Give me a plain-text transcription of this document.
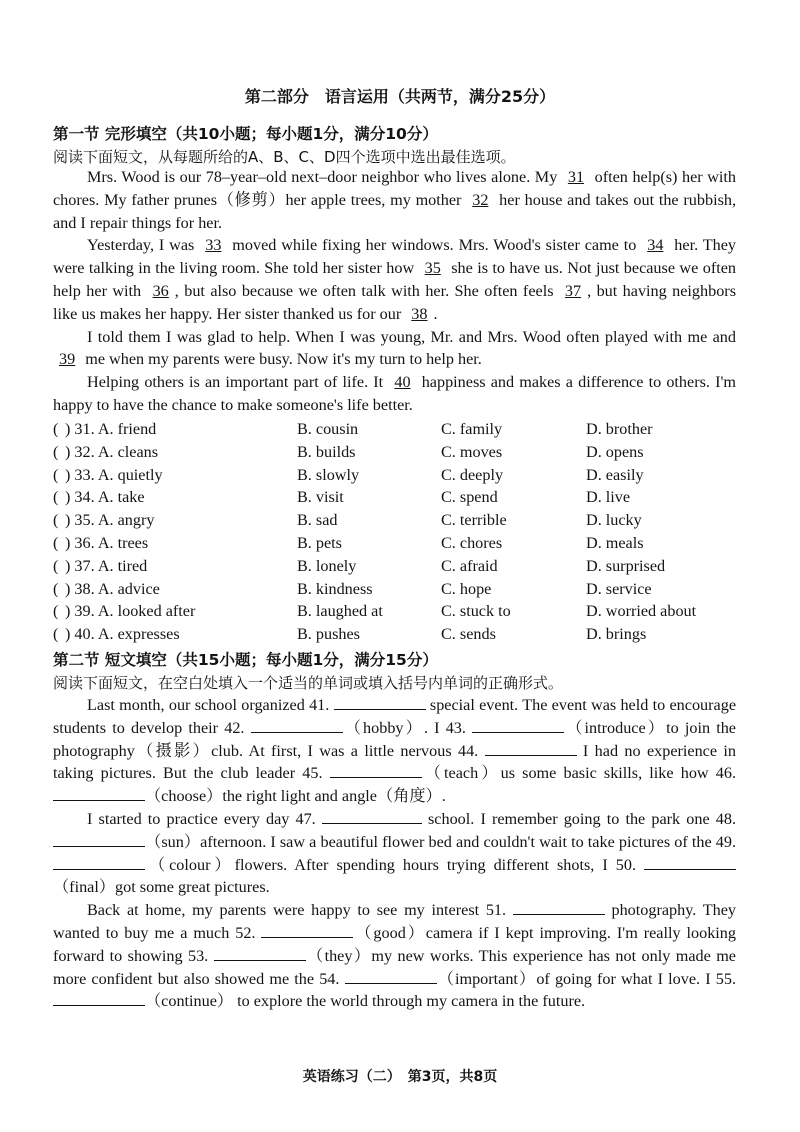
第二部分　语言运用（共两节，满分25分）
第一节 完形填空（共10小题；每小题1分，满分10分）
阅读下面短文，从每题所给的A、B、C、D四个选项中选出最佳选项。

Mrs. Wood is our 78–year–old next–door neighbor who lives alone. My 31 often help(s) her with chores. My father prunes（修剪）her apple trees, my mother 32 her house and takes out the rubbish, and I repair things for her.

Yesterday, I was 33 moved while fixing her windows. Mrs. Wood's sister came to 34 her. They were talking in the living room. She told her sister how 35 she is to have us. Not just because we often help her with 36 , but also because we often talk with her. She often feels 37 , but having neighbors like us makes her happy. Her sister thanked us for our 38 .

I told them I was glad to help. When I was young, Mr. and Mrs. Wood often played with me and 39 me when my parents were busy. Now it's my turn to help her.

Helping others is an important part of life. It 40 happiness and makes a difference to others. I'm happy to have the chance to make someone's life better.

( ) 31. A. friend	B. cousin	C. family	D. brother
( ) 32. A. cleans	B. builds	C. moves	D. opens
( ) 33. A. quietly	B. slowly	C. deeply	D. easily
( ) 34. A. take	B. visit	C. spend	D. live
( ) 35. A. angry	B. sad	C. terrible	D. lucky
( ) 36. A. trees	B. pets	C. chores	D. meals
( ) 37. A. tired	B. lonely	C. afraid	D. surprised
( ) 38. A. advice	B. kindness	C. hope	D. service
( ) 39. A. looked after	B. laughed at	C. stuck to	D. worried about
( ) 40. A. expresses	B. pushes	C. sends	D. brings
第二节 短文填空（共15小题；每小题1分，满分15分）
阅读下面短文，在空白处填入一个适当的单词或填入括号内单词的正确形式。

Last month, our school organized 41.	special event. The event was held to encourage students to develop their 42.	（hobby）. I 43.	（introduce）to join the photography（摄影）club. At first, I was a little nervous 44.	I had no experience in taking pictures. But the club leader 45.	（teach）us some basic skills, like how 46. （choose）the right light and angle（角度）.

I started to practice every day 47.	school. I remember going to the park one 48. （sun）afternoon. I saw a beautiful flower bed and couldn't wait to take pictures of the 49. （colour）flowers. After spending hours trying different shots, I 50. （final）got some great pictures.

Back at home, my parents were happy to see my interest 51.	photography. They wanted to buy me a much 52.	（good）camera if I kept improving. I'm really looking forward to showing 53.	（they）my new works. This experience has not only made me more confident but also showed me the 54.	（important）of going for what I love. I 55. （continue） to explore the world through my camera in the future.

英语练习（二）　第3页，共8页
